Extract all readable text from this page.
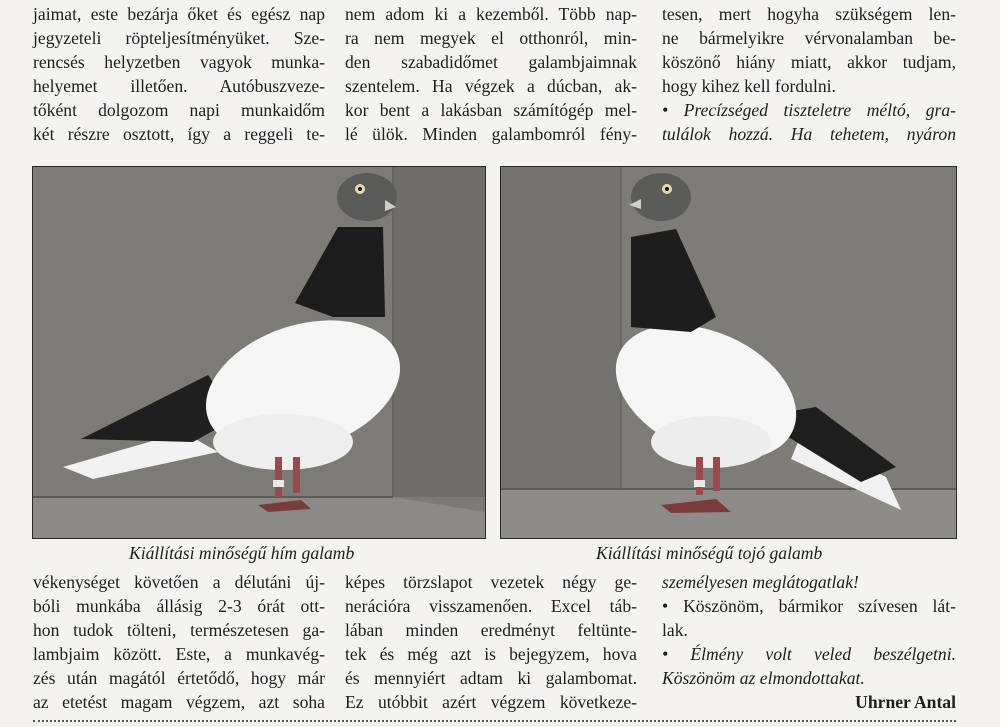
jaimat, este bezárja őket és egész nap
jegyzeteli röpteljesítményüket. Sze-
rencsés helyzetben vagyok munka-
helyemet illetően. Autóbuszveze-
tőként dolgozom napi munkaidőm
két részre osztott, így a reggeli te-
nem adom ki a kezemből. Több nap-
ra nem megyek el otthonról, min-
den szabadidőmet galambjaimnak
szentelem. Ha végzek a dúcban, ak-
kor bent a lakásban számítógép mel-
lé ülök. Minden galambomról fény-
tesen, mert hogyha szükségem len-
ne bármelyikre vérvonalamban be-
köszönő hiány miatt, akkor tudjam,
hogy kihez kell fordulni.
• Precízséged tiszteletre méltó, gra-
tulálok hozzá. Ha tehetem, nyáron
Kiállítási minőségű hím galamb	Kiállítási minőségű tojó galamb
vékenységet követően a délutáni új-
bóli munkába állásig 2-3 órát ott-
hon tudok tölteni, természetesen ga-
lambjaim között. Este, a munkavég-
zés után magától értetődő, hogy már
az etetést magam végzem, azt soha
képes törzslapot vezetek négy ge-
nerációra visszamenően. Excel táb-
lában minden eredményt feltünte-
tek és még azt is bejegyzem, hova
és mennyiért adtam ki galambomat.
Ez utóbbit azért végzem következe-
személyesen meglátogatlak!
• Köszönöm, bármikor szívesen lát-
lak.
• Élmény volt veled beszélgetni.
Köszönöm az elmondottakat.
Uhrner Antal
